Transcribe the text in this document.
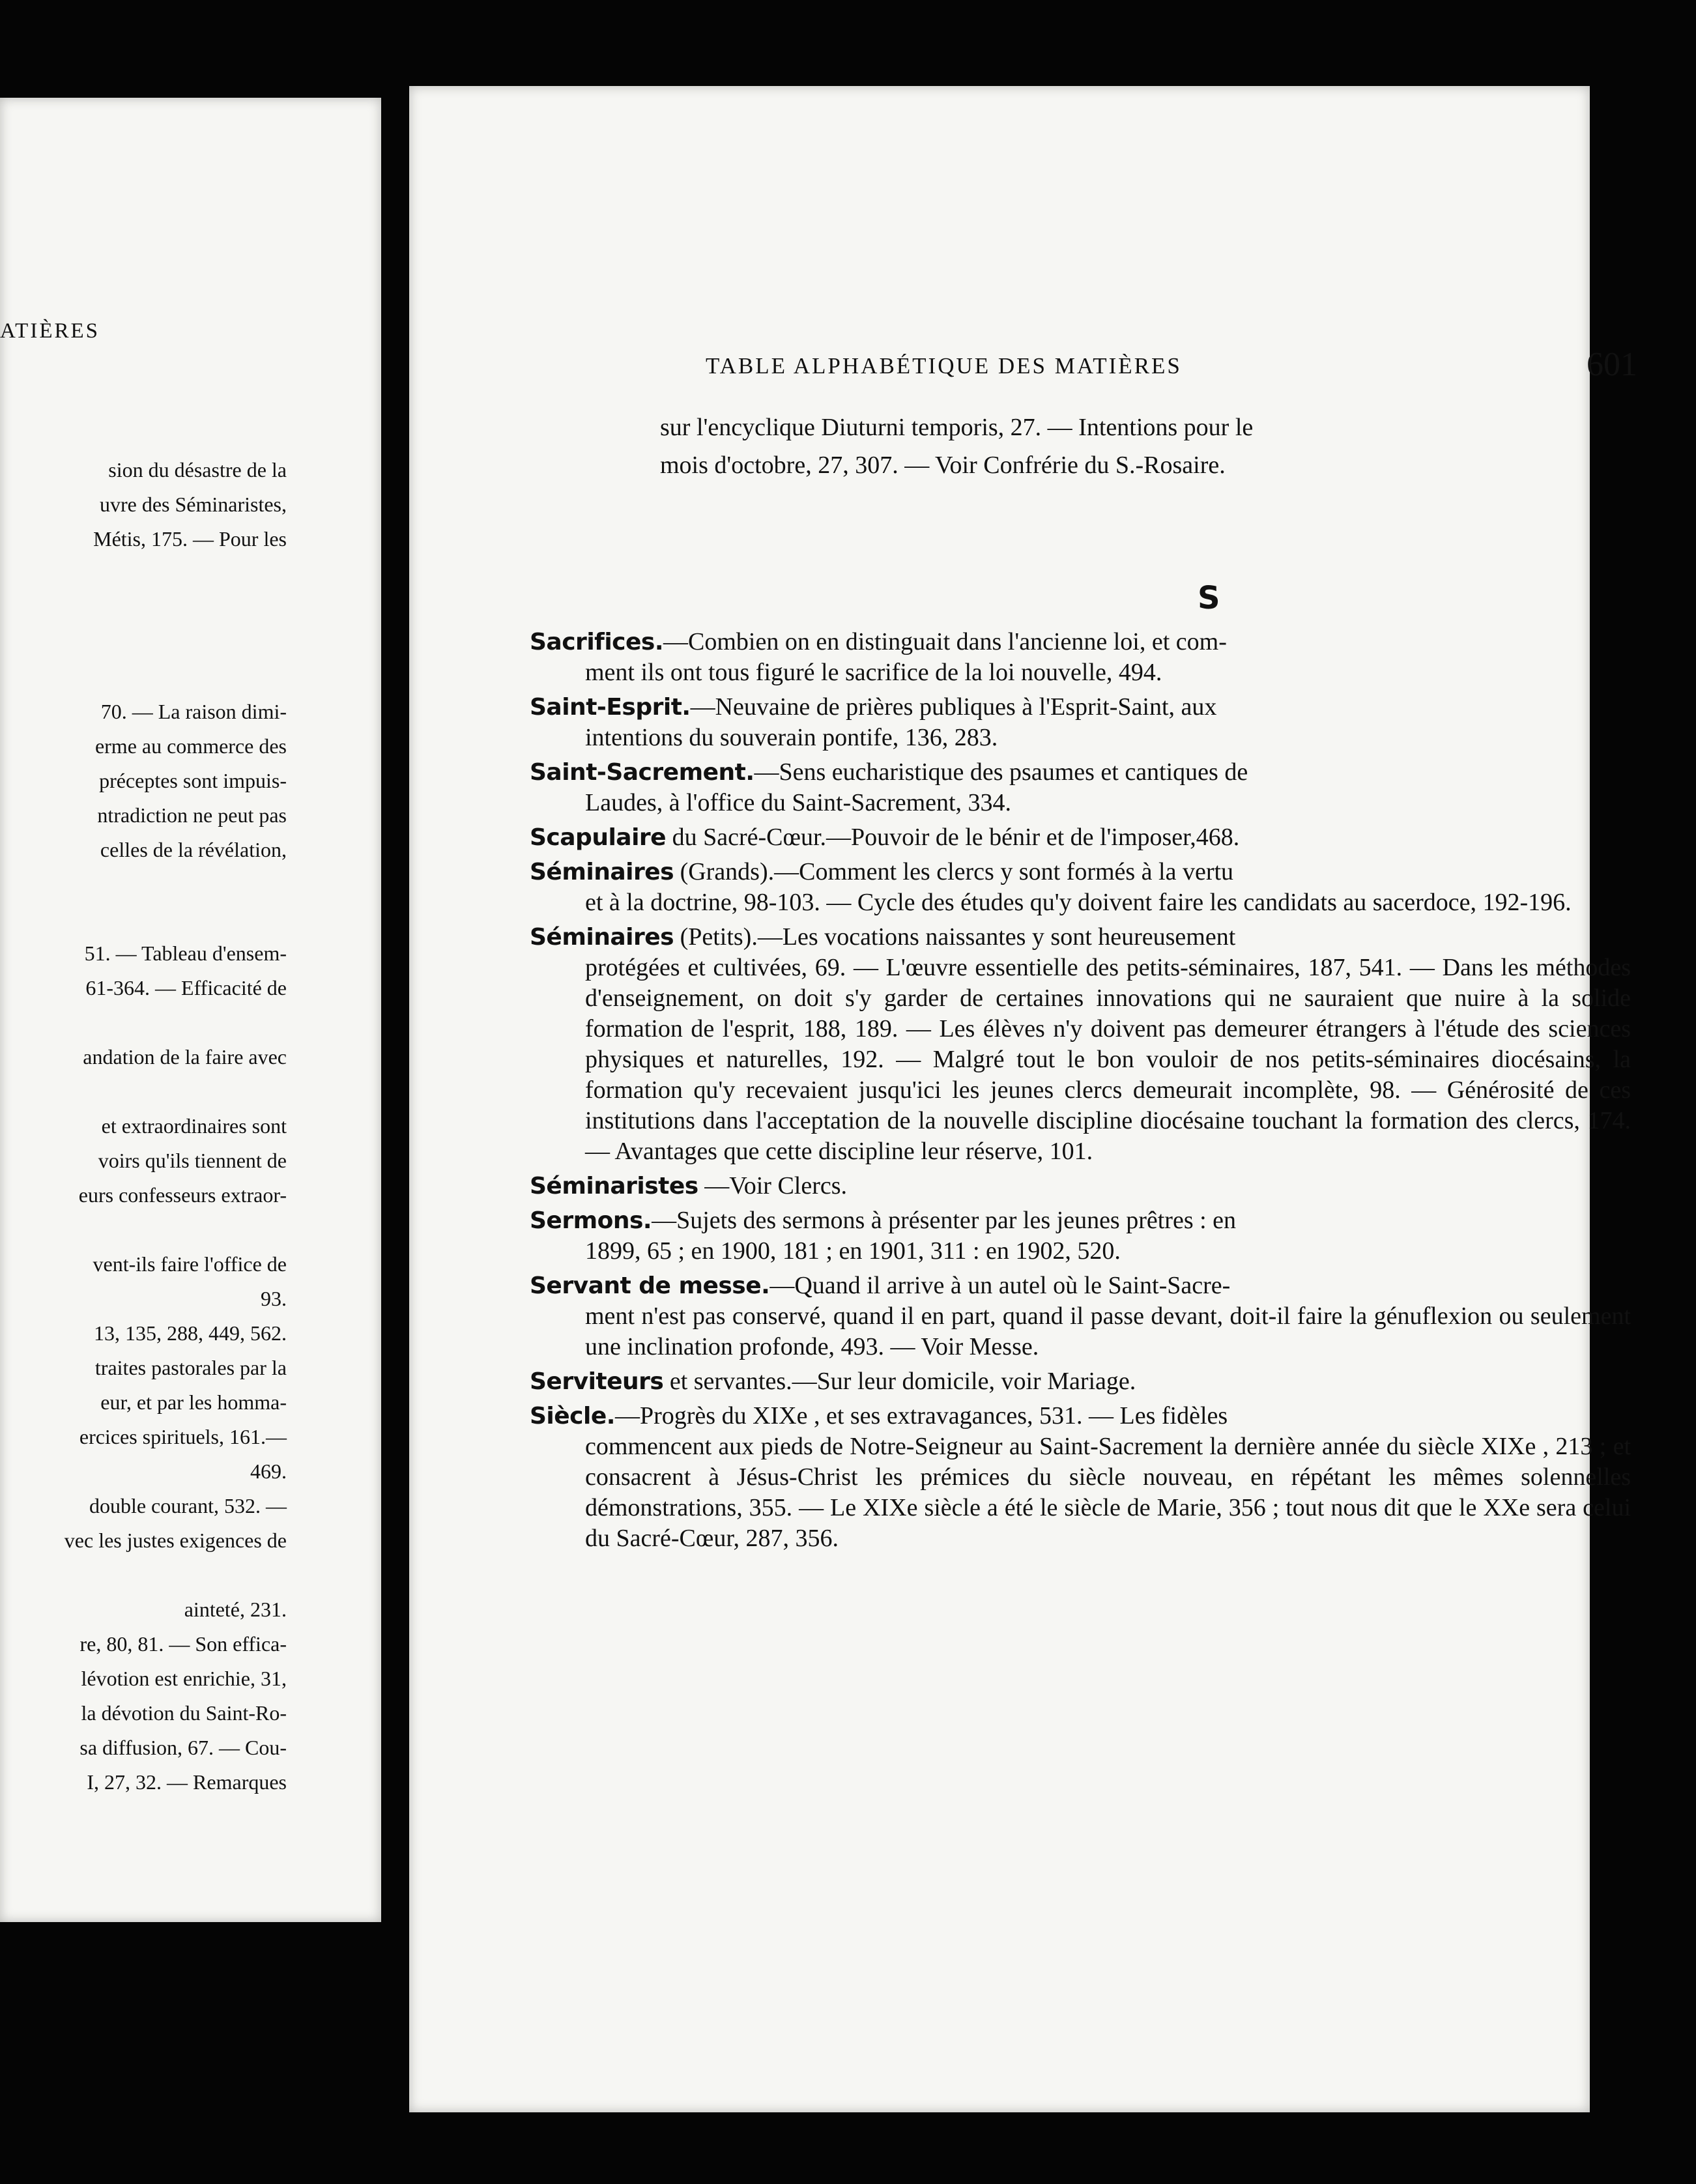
ATIÈRES
sion du désastre de la
uvre des Séminaristes,
Métis, 175. — Pour les
70. — La raison dimi-
erme au commerce des
préceptes sont impuis-
ntradiction ne peut pas
celles de la révélation,
51. — Tableau d'ensem-
61-364. — Efficacité de
andation de la faire avec
et extraordinaires sont
voirs qu'ils tiennent de
eurs confesseurs extraor-
vent-ils faire l'office de
93.
13, 135, 288, 449, 562.
traites pastorales par la
eur, et par les homma-
ercices spirituels, 161.—
469.
double courant, 532. —
vec les justes exigences de
ainteté, 231.
re, 80, 81. — Son effica-
lévotion est enrichie, 31,
la dévotion du Saint-Ro-
sa diffusion, 67. — Cou-
I, 27, 32. — Remarques
TABLE ALPHABÉTIQUE DES MATIÈRES	601

sur l'encyclique Diuturni temporis, 27. — Intentions pour le

mois d'octobre, 27, 307. — Voir Confrérie du S.-Rosaire.

S
Sacrifices.—Combien on en distinguait dans l'ancienne loi, et com-
ment ils ont tous figuré le sacrifice de la loi nouvelle, 494.
Saint-Esprit.—Neuvaine de prières publiques à l'Esprit-Saint, aux
intentions du souverain pontife, 136, 283.
Saint-Sacrement.—Sens eucharistique des psaumes et cantiques de
Laudes, à l'office du Saint-Sacrement, 334.
Scapulaire du Sacré-Cœur.—Pouvoir de le bénir et de l'imposer,468.
Séminaires (Grands).—Comment les clercs y sont formés à la vertu
et à la doctrine, 98-103. — Cycle des études qu'y doivent faire les candidats au sacerdoce, 192-196.
Séminaires (Petits).—Les vocations naissantes y sont heureusement
protégées et cultivées, 69. — L'œuvre essentielle des petits-séminaires, 187, 541. — Dans les méthodes d'enseignement, on doit s'y garder de certaines innovations qui ne sauraient que nuire à la solide formation de l'esprit, 188, 189. — Les élèves n'y doivent pas demeurer étrangers à l'étude des sciences physiques et naturelles, 192. — Malgré tout le bon vouloir de nos petits-séminaires diocésains, la formation qu'y recevaient jusqu'ici les jeunes clercs demeurait incomplète, 98. — Générosité de ces institutions dans l'acceptation de la nouvelle discipline diocésaine touchant la formation des clercs, 174. — Avantages que cette discipline leur réserve, 101.
Séminaristes —Voir Clercs.
Sermons.—Sujets des sermons à présenter par les jeunes prêtres : en
1899, 65 ; en 1900, 181 ; en 1901, 311 : en 1902, 520.
Servant de messe.—Quand il arrive à un autel où le Saint-Sacre-
ment n'est pas conservé, quand il en part, quand il passe devant, doit-il faire la génuflexion ou seulement une inclination profonde, 493. — Voir Messe.
Serviteurs et servantes.—Sur leur domicile, voir Mariage.
Siècle.—Progrès du XIXe , et ses extravagances, 531. — Les fidèles
commencent aux pieds de Notre-Seigneur au Saint-Sacrement la dernière année du siècle XIXe , 213 ; et consacrent à Jésus-Christ les prémices du siècle nouveau, en répétant les mêmes solennelles démonstrations, 355. — Le XIXe siècle a été le siècle de Marie, 356 ; tout nous dit que le XXe sera celui du Sacré-Cœur, 287, 356.
